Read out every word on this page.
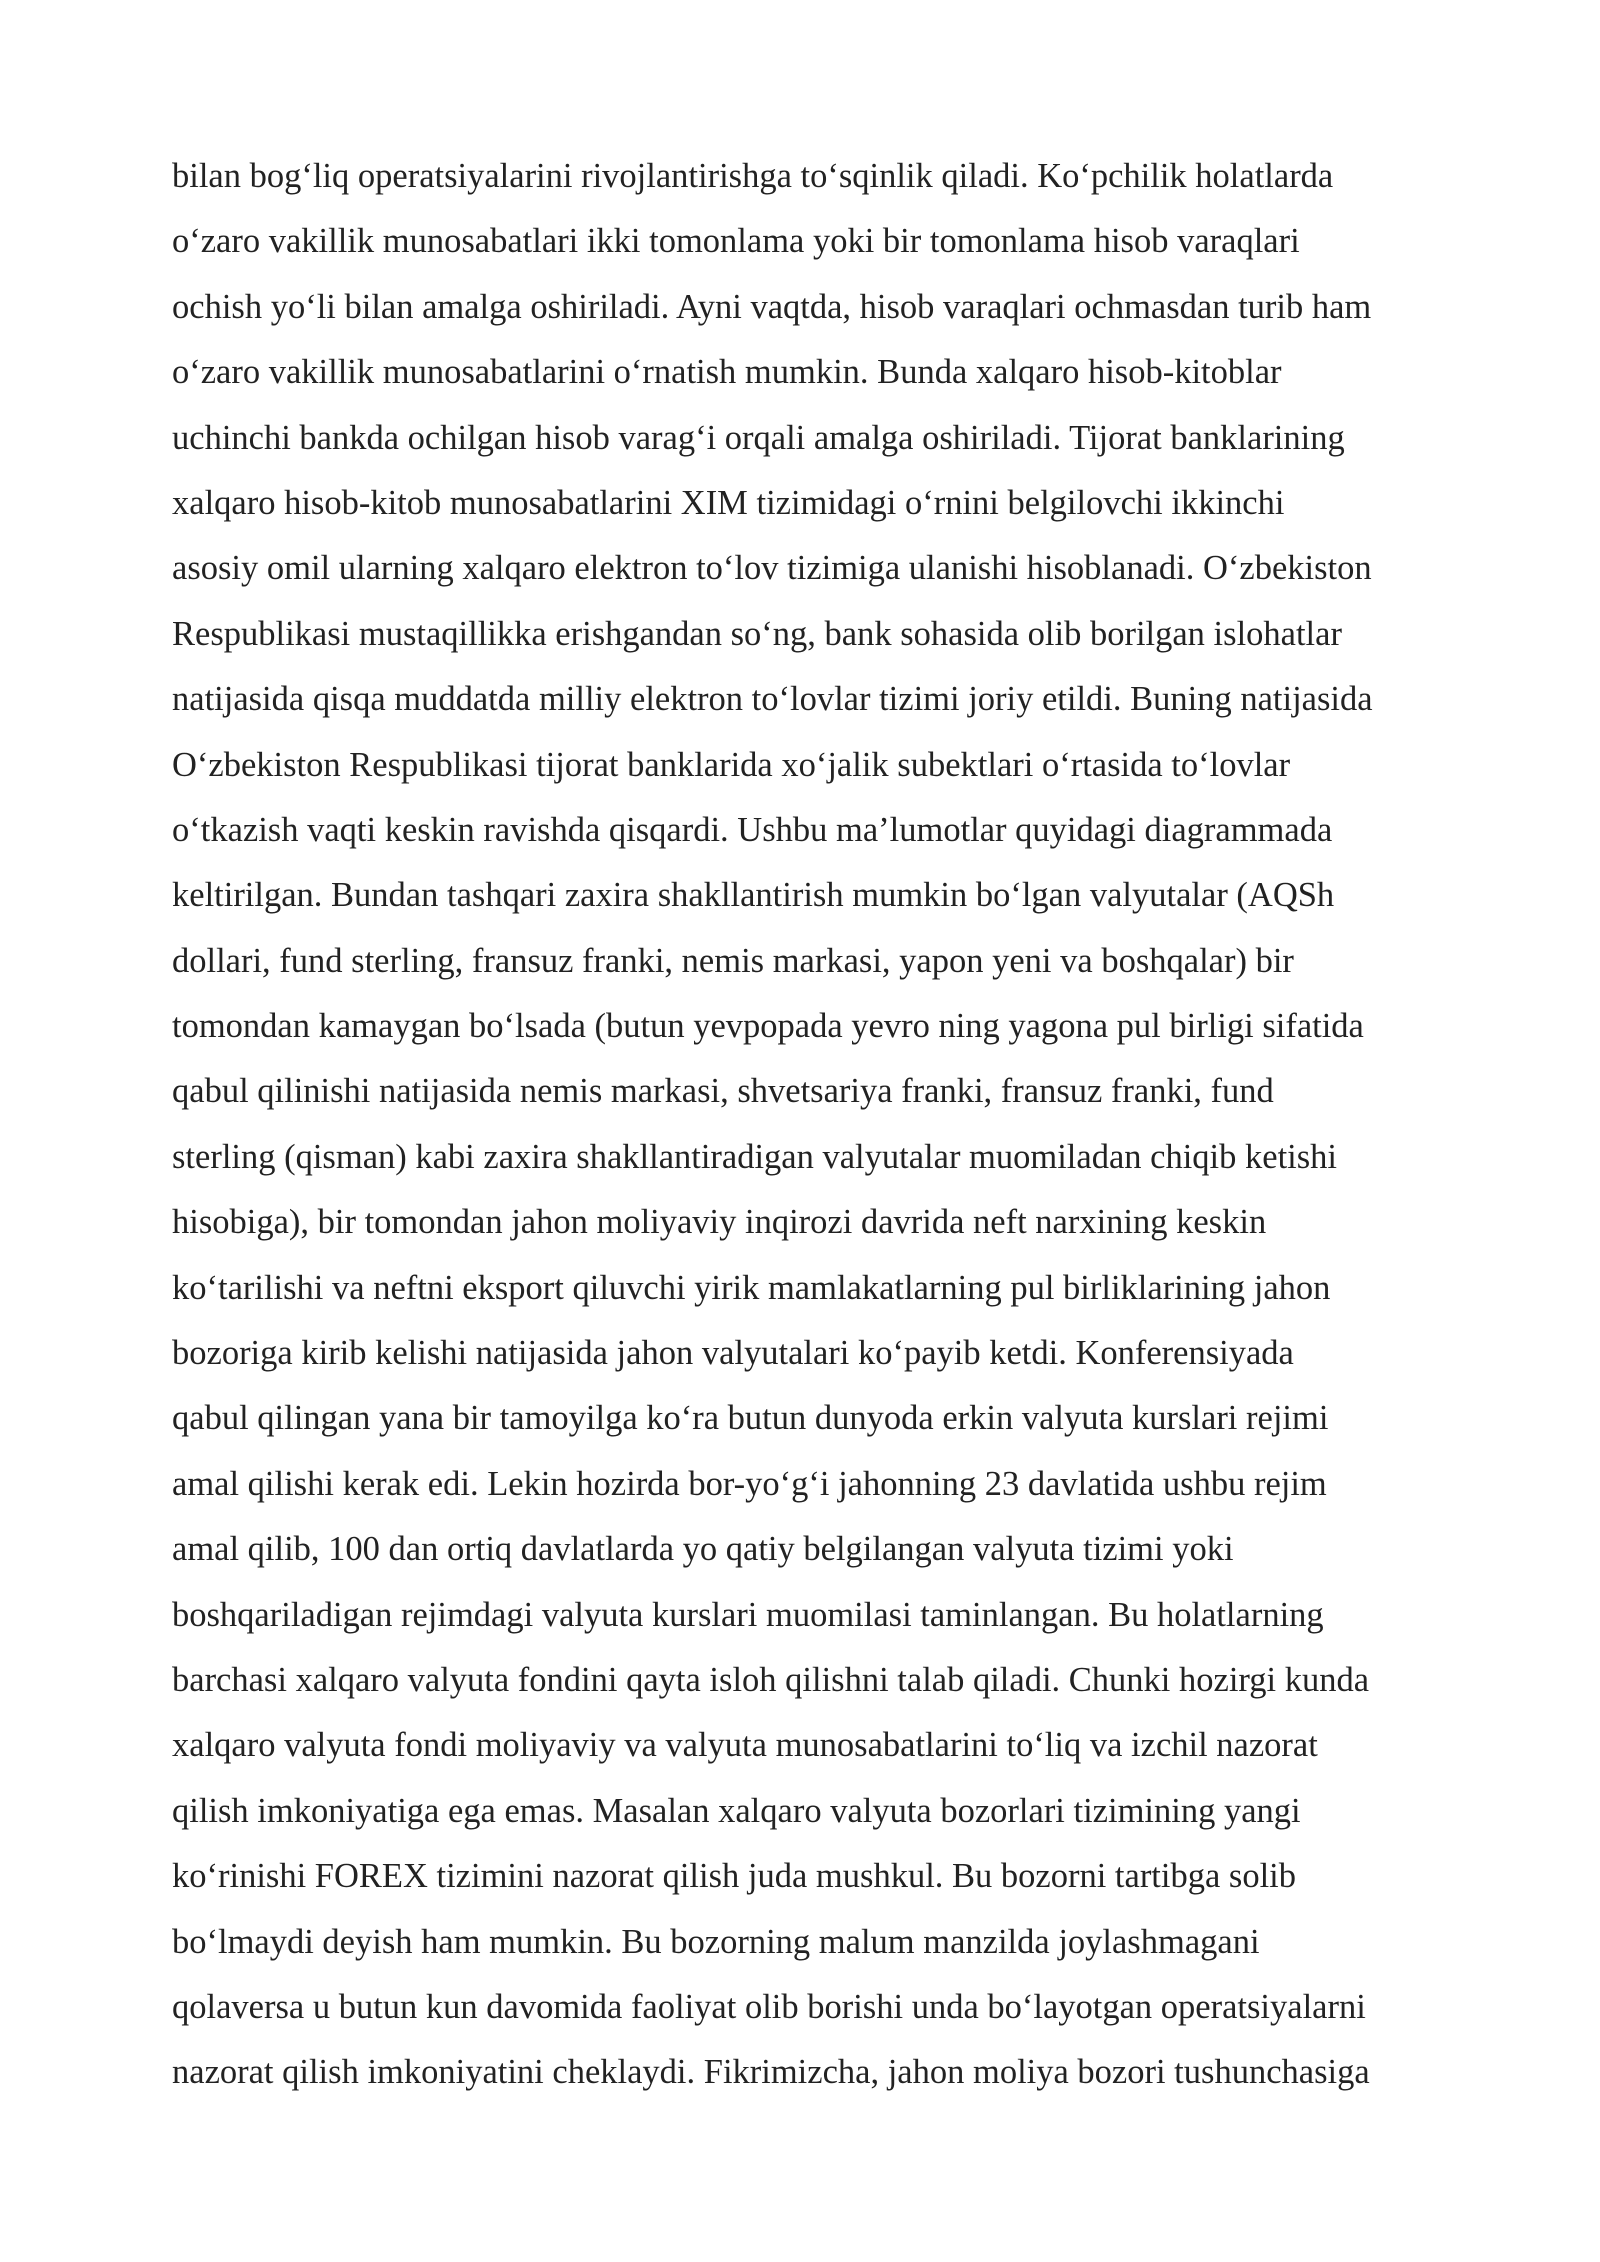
bilan bog‘liq operatsiyalarini rivojlantirishga to‘sqinlik qiladi. Ko‘pchilik holatlarda
o‘zaro vakillik munosabatlari ikki tomonlama yoki bir tomonlama hisob varaqlari
ochish yo‘li bilan amalga oshiriladi. Ayni vaqtda, hisob varaqlari ochmasdan turib ham
o‘zaro vakillik munosabatlarini o‘rnatish mumkin. Bunda xalqaro hisob-kitoblar
uchinchi bankda ochilgan hisob varag‘i orqali amalga oshiriladi. Tijorat banklarining
xalqaro hisob-kitob munosabatlarini XIM tizimidagi o‘rnini belgilovchi ikkinchi
asosiy omil ularning xalqaro elektron to‘lov tizimiga ulanishi hisoblanadi. O‘zbekiston
Respublikasi mustaqillikka erishgandan so‘ng, bank sohasida olib borilgan islohatlar
natijasida qisqa muddatda milliy elektron to‘lovlar tizimi joriy etildi. Buning natijasida
O‘zbekiston Respublikasi tijorat banklarida xo‘jalik subektlari o‘rtasida to‘lovlar
o‘tkazish vaqti keskin ravishda qisqardi. Ushbu ma’lumotlar quyidagi diagrammada
keltirilgan. Bundan tashqari zaxira shakllantirish mumkin bo‘lgan valyutalar (AQSh
dollari, fund sterling, fransuz franki, nemis markasi, yapon yeni va boshqalar) bir
tomondan kamaygan bo‘lsada (butun yevpopada yevro ning yagona pul birligi sifatida
qabul qilinishi natijasida nemis markasi, shvetsariya franki, fransuz franki, fund
sterling (qisman) kabi zaxira shakllantiradigan valyutalar muomiladan chiqib ketishi
hisobiga), bir tomondan jahon moliyaviy inqirozi davrida neft narxining keskin
ko‘tarilishi va neftni eksport qiluvchi yirik mamlakatlarning pul birliklarining jahon
bozoriga kirib kelishi natijasida jahon valyutalari ko‘payib ketdi. Konferensiyada
qabul qilingan yana bir tamoyilga ko‘ra butun dunyoda erkin valyuta kurslari rejimi
amal qilishi kerak edi. Lekin hozirda bor-yo‘g‘i jahonning 23 davlatida ushbu rejim
amal qilib, 100 dan ortiq davlatlarda yo qatiy belgilangan valyuta tizimi yoki
boshqariladigan rejimdagi valyuta kurslari muomilasi taminlangan. Bu holatlarning
barchasi xalqaro valyuta fondini qayta isloh qilishni talab qiladi. Chunki hozirgi kunda
xalqaro valyuta fondi moliyaviy va valyuta munosabatlarini to‘liq va izchil nazorat
qilish imkoniyatiga ega emas. Masalan xalqaro valyuta bozorlari tizimining yangi
ko‘rinishi FOREX tizimini nazorat qilish juda mushkul. Bu bozorni tartibga solib
bo‘lmaydi deyish ham mumkin. Bu bozorning malum manzilda joylashmagani
qolaversa u butun kun davomida faoliyat olib borishi unda bo‘layotgan operatsiyalarni
nazorat qilish imkoniyatini cheklaydi. Fikrimizcha, jahon moliya bozori tushunchasiga
